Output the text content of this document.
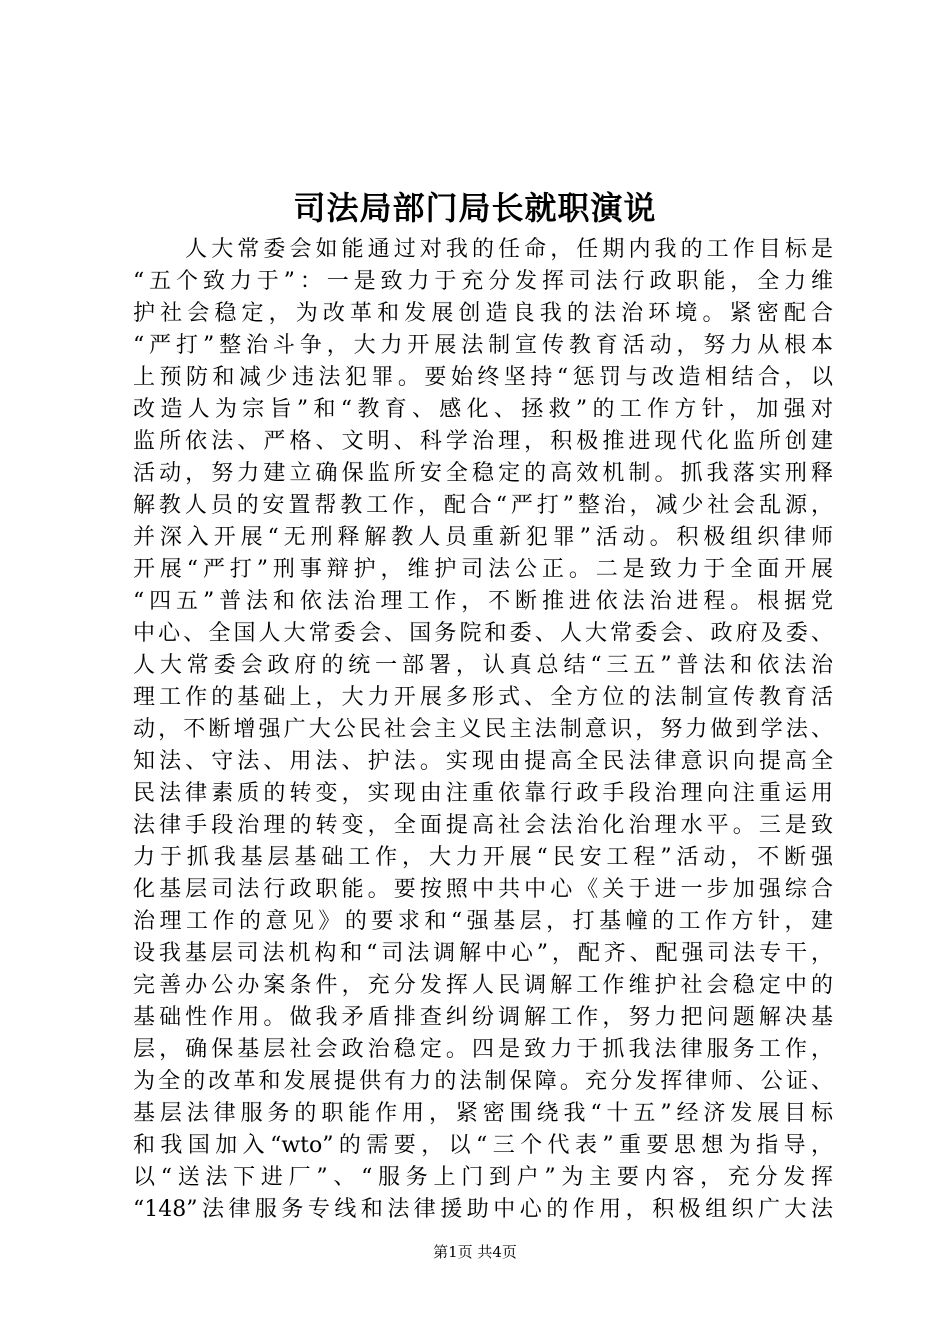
司法局部门局长就职演说
　　人大常委会如能通过对我的任命，任期内我的工作目标是
“五个致力于”：一是致力于充分发挥司法行政职能，全力维
护社会稳定，为改革和发展创造良我的法治环境。紧密配合
“严打”整治斗争，大力开展法制宣传教育活动，努力从根本
上预防和减少违法犯罪。要始终坚持“惩罚与改造相结合，以
改造人为宗旨”和“教育、感化、拯救”的工作方针，加强对
监所依法、严格、文明、科学治理，积极推进现代化监所创建
活动，努力建立确保监所安全稳定的高效机制。抓我落实刑释
解教人员的安置帮教工作，配合“严打”整治，减少社会乱源，
并深入开展“无刑释解教人员重新犯罪”活动。积极组织律师
开展“严打”刑事辩护，维护司法公正。二是致力于全面开展
“四五”普法和依法治理工作，不断推进依法治进程。根据党
中心、全国人大常委会、国务院和委、人大常委会、政府及委、
人大常委会政府的统一部署，认真总结“三五”普法和依法治
理工作的基础上，大力开展多形式、全方位的法制宣传教育活
动，不断增强广大公民社会主义民主法制意识，努力做到学法、
知法、守法、用法、护法。实现由提高全民法律意识向提高全
民法律素质的转变，实现由注重依靠行政手段治理向注重运用
法律手段治理的转变，全面提高社会法治化治理水平。三是致
力于抓我基层基础工作，大力开展“民安工程”活动，不断强
化基层司法行政职能。要按照中共中心《关于进一步加强综合
治理工作的意见》的要求和“强基层，打基幢的工作方针，建
设我基层司法机构和“司法调解中心”，配齐、配强司法专干，
完善办公办案条件，充分发挥人民调解工作维护社会稳定中的
基础性作用。做我矛盾排查纠纷调解工作，努力把问题解决基
层，确保基层社会政治稳定。四是致力于抓我法律服务工作，
为全的改革和发展提供有力的法制保障。充分发挥律师、公证、
基层法律服务的职能作用，紧密围绕我“十五”经济发展目标
和我国加入“wto”的需要，以“三个代表”重要思想为指导，
以“送法下进厂”、“服务上门到户”为主要内容，充分发挥
“148”法律服务专线和法律援助中心的作用，积极组织广大法
第1页 共4页
